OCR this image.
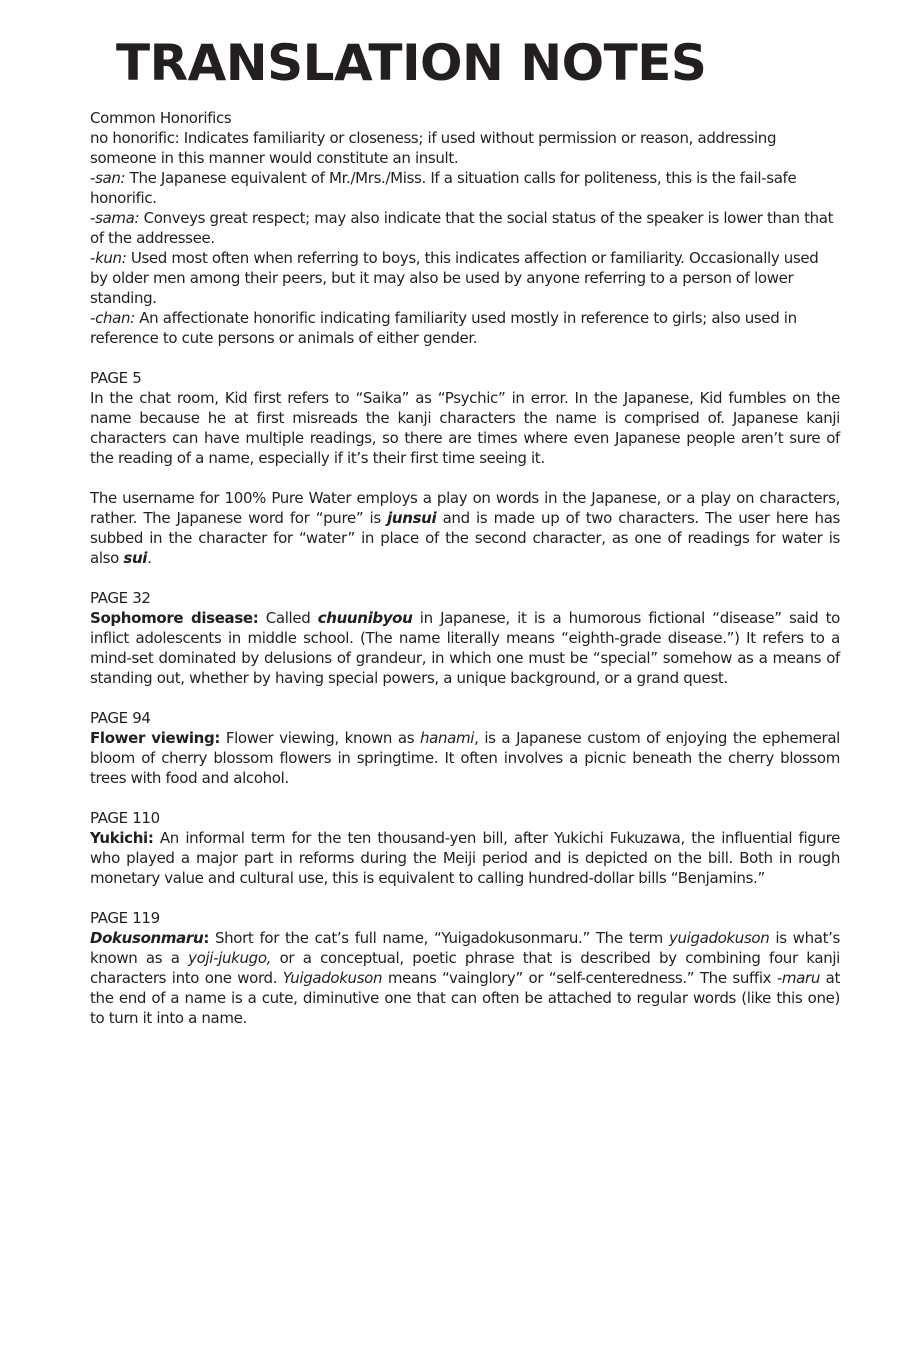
TRANSLATION NOTES

Common Honorifics

no honorific: Indicates familiarity or closeness; if used without permission or reason, addressing someone in this manner would constitute an insult.

-san: The Japanese equivalent of Mr./Mrs./Miss. If a situation calls for politeness, this is the fail-safe honorific.

-sama: Conveys great respect; may also indicate that the social status of the speaker is lower than that of the addressee.

-kun: Used most often when referring to boys, this indicates affection or familiarity. Occasionally used by older men among their peers, but it may also be used by anyone referring to a person of lower standing.

-chan: An affectionate honorific indicating familiarity used mostly in reference to girls; also used in reference to cute persons or animals of either gender.

PAGE 5

In the chat room, Kid first refers to “Saika” as “Psychic” in error. In the Japanese, Kid fumbles on the name because he at first misreads the kanji characters the name is comprised of. Japanese kanji characters can have multiple readings, so there are times where even Japanese people aren’t sure of the reading of a name, especially if it’s their first time seeing it.

The username for 100% Pure Water employs a play on words in the Japanese, or a play on characters, rather. The Japanese word for “pure” is junsui and is made up of two characters. The user here has subbed in the character for “water” in place of the second character, as one of readings for water is also sui.

PAGE 32

Sophomore disease: Called chuunibyou in Japanese, it is a humorous fictional “disease” said to inflict adolescents in middle school. (The name literally means “eighth-grade disease.”) It refers to a mind-set dominated by delusions of grandeur, in which one must be “special” somehow as a means of standing out, whether by having special powers, a unique background, or a grand quest.

PAGE 94

Flower viewing: Flower viewing, known as hanami, is a Japanese custom of enjoying the ephemeral bloom of cherry blossom flowers in springtime. It often involves a picnic beneath the cherry blossom trees with food and alcohol.

PAGE 110

Yukichi: An informal term for the ten thousand-yen bill, after Yukichi Fukuzawa, the influential figure who played a major part in reforms during the Meiji period and is depicted on the bill. Both in rough monetary value and cultural use, this is equivalent to calling hundred-dollar bills “Benjamins.”

PAGE 119

Dokusonmaru: Short for the cat’s full name, “Yuigadokusonmaru.” The term yuigadokuson is what’s known as a yoji-jukugo, or a conceptual, poetic phrase that is described by combining four kanji characters into one word. Yuigadokuson means “vainglory” or “self-centeredness.” The suffix -maru at the end of a name is a cute, diminutive one that can often be attached to regular words (like this one) to turn it into a name.
